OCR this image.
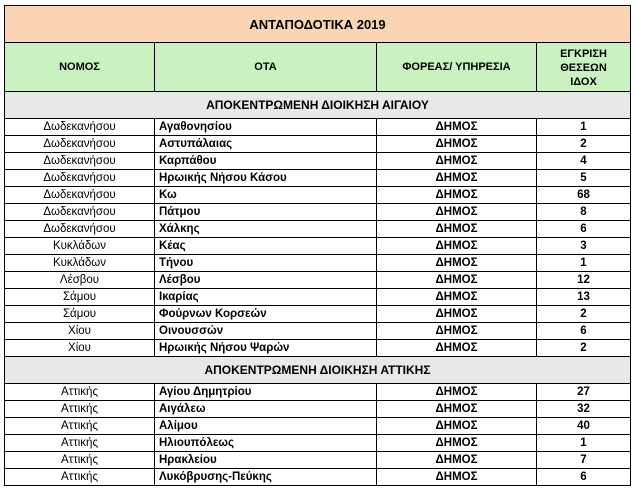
ΑΝΤΑΠΟΔΟΤΙΚΑ 2019			
ΝΟΜΟΣ	ΟΤΑ	ΦΟΡΕΑΣ/ ΥΠΗΡΕΣΙΑ	ΕΓΚΡΙΣΗ
ΘΕΣΕΩΝ
ΙΔΟΧ

ΑΠΟΚΕΝΤΡΩΜΕΝΗ ΔΙΟΙΚΗΣΗ ΑΙΓΑΙΟΥ			
Δωδεκανήσου	Αγαθονησίου	ΔΗΜΟΣ	1
Δωδεκανήσου	Αστυπάλαιας	ΔΗΜΟΣ	2
Δωδεκανήσου	Καρπάθου	ΔΗΜΟΣ	4
Δωδεκανήσου	Ηρωικής Νήσου Κάσου	ΔΗΜΟΣ	5
Δωδεκανήσου	Κω	ΔΗΜΟΣ	68
Δωδεκανήσου	Πάτμου	ΔΗΜΟΣ	8
Δωδεκανήσου	Χάλκης	ΔΗΜΟΣ	6
Κυκλάδων	Κέας	ΔΗΜΟΣ	3
Κυκλάδων	Τήνου	ΔΗΜΟΣ	1
Λέσβου	Λέσβου	ΔΗΜΟΣ	12
Σάμου	Ικαρίας	ΔΗΜΟΣ	13
Σάμου	Φούρνων Κορσεών	ΔΗΜΟΣ	2
Χίου	Οινουσσών	ΔΗΜΟΣ	6
Χίου	Ηρωικής Νήσου Ψαρών	ΔΗΜΟΣ	2
ΑΠΟΚΕΝΤΡΩΜΕΝΗ ΔΙΟΙΚΗΣΗ ΑΤΤΙΚΗΣ			
Αττικής	Αγίου Δημητρίου	ΔΗΜΟΣ	27
Αττικής	Αιγάλεω	ΔΗΜΟΣ	32
Αττικής	Αλίμου	ΔΗΜΟΣ	40
Αττικής	Ηλιουπόλεως	ΔΗΜΟΣ	1
Αττικής	Ηρακλείου	ΔΗΜΟΣ	7
Αττικής	Λυκόβρυσης-Πεύκης	ΔΗΜΟΣ	6
